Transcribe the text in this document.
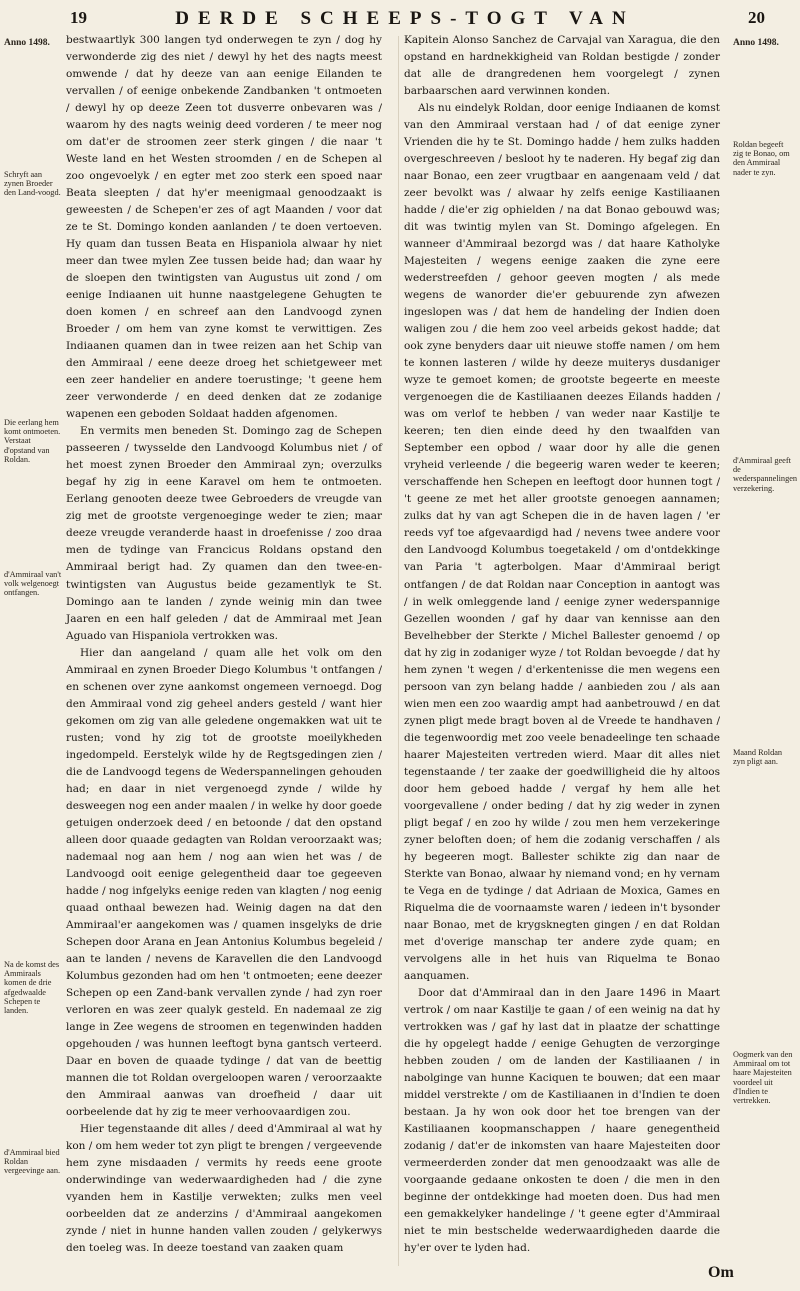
19	DERDE SCHEEPS-TOGT VAN	20
Anno 1498.
Schryft aan zynen Broeder den Land-voogd.
Die eerlang hem komt ontmoeten. Verstaat d'opstand van Roldan.
d'Ammiraal van't volk welgenoegt ontfangen.
Na de komst des Ammiraals komen de drie afgedwaalde Schepen te landen.
d'Ammiraal bied Roldan vergeevinge aan.
Anno 1498.
Roldan begeeft zig te Bonao, om den Ammiraal nader te zyn.
d'Ammiraal geeft de wederspannelingen verzekering.
Maand Roldan zyn pligt aan.
Oogmerk van den Ammiraal om tot haare Majesteiten voordeel uit d'Indien te vertrekken.

bestwaartlyk 300 langen tyd onderwegen te zyn / dog hy verwonderde zig des niet / dewyl hy het des nagts meest omwende / dat hy deeze van aan eenige Eilanden te vervallen / of eenige onbekende Zandbanken 't ontmoeten / dewyl hy op deeze Zeen tot dusverre onbevaren was / waarom hy des nagts weinig deed vorderen / te meer nog om dat'er de stroomen zeer sterk gingen / die naar 't Weste land en het Westen stroomden / en de Schepen al zoo ongevoelyk / en egter met zoo sterk een spoed naar Beata sleepten / dat hy'er meenigmaal genoodzaakt is geweesten / de Schepen'er zes of agt Maanden / voor dat ze te St. Domingo konden aanlanden / te doen vertoeven. Hy quam dan tussen Beata en Hispaniola alwaar hy niet meer dan twee mylen Zee tussen beide had; dan waar hy de sloepen den twintigsten van Augustus uit zond / om eenige Indiaanen uit hunne naastgelegene Gehugten te doen komen / en schreef aan den Landvoogd zynen Broeder / om hem van zyne komst te verwittigen. Zes Indiaanen quamen dan in twee reizen aan het Schip van den Ammiraal / eene deeze droeg het schietgeweer met een zeer handelier en andere toerustinge; 't geene hem zeer verwonderde / en deed denken dat ze zodanige wapenen een geboden Soldaat hadden afgenomen.

En vermits men beneden St. Domingo zag de Schepen passeeren / twysselde den Landvoogd Kolumbus niet / of het moest zynen Broeder den Ammiraal zyn; overzulks begaf hy zig in eene Karavel om hem te ontmoeten. Eerlang genooten deeze twee Gebroeders de vreugde van zig met de grootste vergenoeginge weder te zien; maar deeze vreugde veranderde haast in droefenisse / zoo draa men de tydinge van Francicus Roldans opstand den Ammiraal berigt had. Zy quamen dan den twee-en-twintigsten van Augustus beide gezamentlyk te St. Domingo aan te landen / zynde weinig min dan twee Jaaren en een half geleden / dat de Ammiraal met Jean Aguado van Hispaniola vertrokken was.

Hier dan aangeland / quam alle het volk om den Ammiraal en zynen Broeder Diego Kolumbus 't ontfangen / en schenen over zyne aankomst ongemeen vernoegd. Dog den Ammiraal vond zig geheel anders gesteld / want hier gekomen om zig van alle geledene ongemakken wat uit te rusten; vond hy zig tot de grootste moeilykheden ingedompeld. Eerstelyk wilde hy de Regtsgedingen zien / die de Landvoogd tegens de Wederspannelingen gehouden had; en daar in niet vergenoegd zynde / wilde hy desweegen nog een ander maalen / in welke hy door goede getuigen onderzoek deed / en betoonde / dat den opstand alleen door quaade gedagten van Roldan veroorzaakt was; nademaal nog aan hem / nog aan wien het was / de Landvoogd ooit eenige gelegentheid daar toe gegeeven hadde / nog infgelyks eenige reden van klagten / nog eenig quaad onthaal bewezen had. Weinig dagen na dat den Ammiraal'er aangekomen was / quamen insgelyks de drie Schepen door Arana en Jean Antonius Kolumbus begeleid / aan te landen / nevens de Karavellen die den Landvoogd Kolumbus gezonden had om hen 't ontmoeten; eene deezer Schepen op een Zand-bank vervallen zynde / had zyn roer verloren en was zeer qualyk gesteld. En nademaal ze zig lange in Zee wegens de stroomen en tegenwinden hadden opgehouden / was hunnen leeftogt byna gantsch verteerd. Daar en boven de quaade tydinge / dat van de beettig mannen die tot Roldan overgeloopen waren / veroorzaakte den Ammiraal aanwas van droefheid / daar uit oorbeelende dat hy zig te meer verhoovaardigen zou.

Hier tegenstaande dit alles / deed d'Ammiraal al wat hy kon / om hem weder tot zyn pligt te brengen / vergeevende hem zyne misdaaden / vermits hy reeds eene groote onderwindinge van wederwaardigheden had / die zyne vyanden hem in Kastilje verwekten; zulks men veel oorbeelden dat ze anderzins / d'Ammiraal aangekomen zynde / niet in hunne handen vallen zouden / gelykerwys den toeleg was. In deeze toestand van zaaken quam

Kapitein Alonso Sanchez de Carvajal van Xaragua, die den opstand en hardnekkigheid van Roldan bestigde / zonder dat alle de drangredenen hem voorgelegt / zynen barbaarschen aard verwinnen konden.

Als nu eindelyk Roldan, door eenige Indiaanen de komst van den Ammiraal verstaan had / of dat eenige zyner Vrienden die hy te St. Domingo hadde / hem zulks hadden overgeschreeven / besloot hy te naderen. Hy begaf zig dan naar Bonao, een zeer vrugtbaar en aangenaam veld / dat zeer bevolkt was / alwaar hy zelfs eenige Kastiliaanen hadde / die'er zig ophielden / na dat Bonao gebouwd was; dit was twintig mylen van St. Domingo afgelegen. En wanneer d'Ammiraal bezorgd was / dat haare Katholyke Majesteiten / wegens eenige zaaken die zyne eere wederstreefden / gehoor geeven mogten / als mede wegens de wanorder die'er gebuurende zyn afwezen ingeslopen was / dat hem de handeling der Indien doen waligen zou / die hem zoo veel arbeids gekost hadde; dat ook zyne benyders daar uit nieuwe stoffe namen / om hem te konnen lasteren / wilde hy deeze muiterys dusdaniger wyze te gemoet komen; de grootste begeerte en meeste vergenoegen die de Kastiliaanen deezes Eilands hadden / was om verlof te hebben / van weder naar Kastilje te keeren; ten dien einde deed hy den twaalfden van September een opbod / waar door hy alle die genen vryheid verleende / die begeerig waren weder te keeren; verschaffende hen Schepen en leeftogt door hunnen togt / 't geene ze met het aller grootste genoegen aannamen; zulks dat hy van agt Schepen die in de haven lagen / 'er reeds vyf toe afgevaardigd had / nevens twee andere voor den Landvoogd Kolumbus toegetakeld / om d'ontdekkinge van Paria 't agterbolgen. Maar d'Ammiraal berigt ontfangen / de dat Roldan naar Conception in aantogt was / in welk omleggende land / eenige zyner wederspannige Gezellen woonden / gaf hy daar van kennisse aan den Bevelhebber der Sterkte / Michel Ballester genoemd / op dat hy zig in zodaniger wyze / tot Roldan bevoegde / dat hy hem zynen 't wegen / d'erkentenisse die men wegens een persoon van zyn belang hadde / aanbieden zou / als aan wien men een zoo waardig ampt had aanbetrouwd / en dat zynen pligt mede bragt boven al de Vreede te handhaven / die tegenwoordig met zoo veele benadeelinge ten schaade haarer Majesteiten vertreden wierd. Maar dit alles niet tegenstaande / ter zaake der goedwilligheid die hy altoos door hem geboed hadde / vergaf hy hem alle het voorgevallene / onder beding / dat hy zig weder in zynen pligt begaf / en zoo hy wilde / zou men hem verzekeringe zyner beloften doen; of hem die zodanig verschaffen / als hy begeeren mogt. Ballester schikte zig dan naar de Sterkte van Bonao, alwaar hy niemand vond; en hy vernam te Vega en de tydinge / dat Adriaan de Moxica, Games en Riquelma die de voornaamste waren / iedeen in't bysonder naar Bonao, met de krygsknegten gingen / en dat Roldan met d'overige manschap ter andere zyde quam; en vervolgens alle in het huis van Riquelma te Bonao aanquamen.

Door dat d'Ammiraal dan in den Jaare 1496 in Maart vertrok / om naar Kastilje te gaan / of een weinig na dat hy vertrokken was / gaf hy last dat in plaatze der schattinge die hy opgelegt hadde / eenige Gehugten de verzorginge hebben zouden / om de landen der Kastiliaanen / in nabolginge van hunne Kaciquen te bouwen; dat een maar middel verstrekte / om de Kastiliaanen in d'Indien te doen bestaan. Ja hy won ook door het toe brengen van der Kastiliaanen koopmanschappen / haare genegentheid zodanig / dat'er de inkomsten van haare Majesteiten door vermeerderden zonder dat men genoodzaakt was alle de voorgaande gedaane onkosten te doen / die men in den beginne der ontdekkinge had moeten doen. Dus had men een gemakkelyker handelinge / 't geene egter d'Ammiraal niet te min bestschelde wederwaardigheden daarde die hy'er over te lyden had.

Om
